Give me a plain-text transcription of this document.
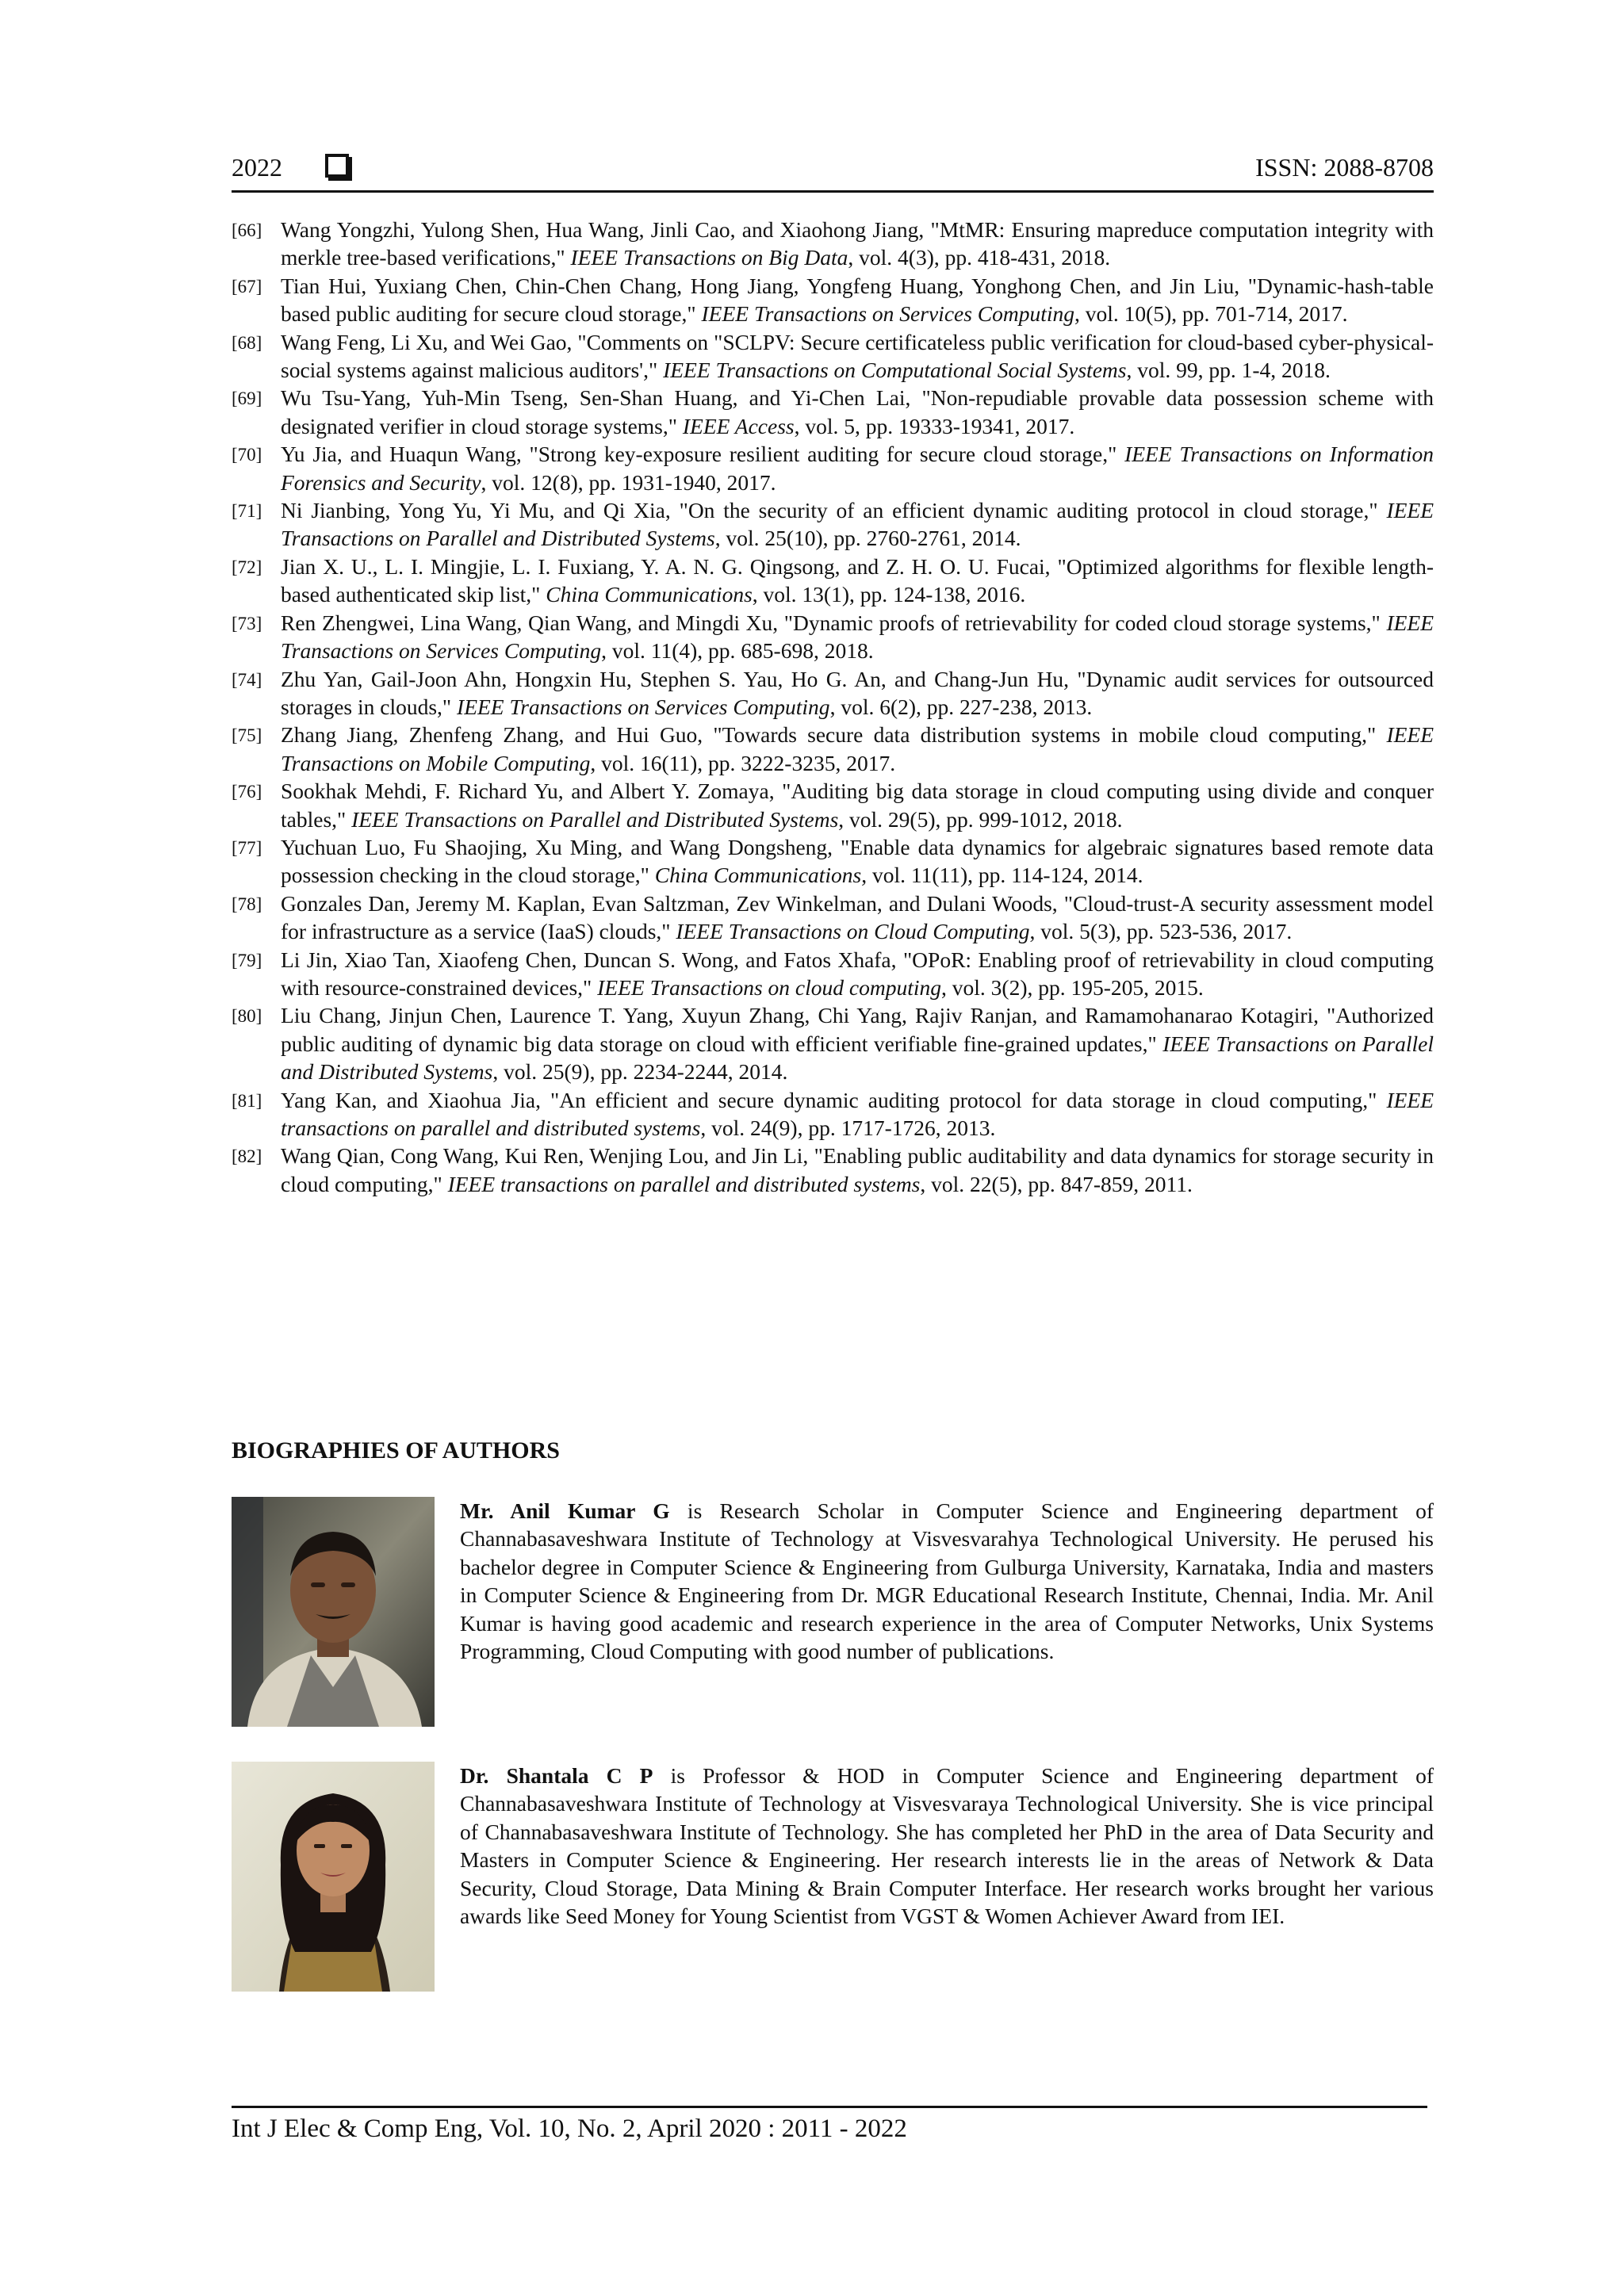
2022	ISSN: 2088-8708
[66] Wang Yongzhi, Yulong Shen, Hua Wang, Jinli Cao, and Xiaohong Jiang, "MtMR: Ensuring mapreduce computation integrity with merkle tree-based verifications," IEEE Transactions on Big Data, vol. 4(3), pp. 418-431, 2018.
[67] Tian Hui, Yuxiang Chen, Chin-Chen Chang, Hong Jiang, Yongfeng Huang, Yonghong Chen, and Jin Liu, "Dynamic-hash-table based public auditing for secure cloud storage," IEEE Transactions on Services Computing, vol. 10(5), pp. 701-714, 2017.
[68] Wang Feng, Li Xu, and Wei Gao, "Comments on "SCLPV: Secure certificateless public verification for cloud-based cyber-physical-social systems against malicious auditors'," IEEE Transactions on Computational Social Systems, vol. 99, pp. 1-4, 2018.
[69] Wu Tsu-Yang, Yuh-Min Tseng, Sen-Shan Huang, and Yi-Chen Lai, "Non-repudiable provable data possession scheme with designated verifier in cloud storage systems," IEEE Access, vol. 5, pp. 19333-19341, 2017.
[70] Yu Jia, and Huaqun Wang, "Strong key-exposure resilient auditing for secure cloud storage," IEEE Transactions on Information Forensics and Security, vol. 12(8), pp. 1931-1940, 2017.
[71] Ni Jianbing, Yong Yu, Yi Mu, and Qi Xia, "On the security of an efficient dynamic auditing protocol in cloud storage," IEEE Transactions on Parallel and Distributed Systems, vol. 25(10), pp. 2760-2761, 2014.
[72] Jian X. U., L. I. Mingjie, L. I. Fuxiang, Y. A. N. G. Qingsong, and Z. H. O. U. Fucai, "Optimized algorithms for flexible length-based authenticated skip list," China Communications, vol. 13(1), pp. 124-138, 2016.
[73] Ren Zhengwei, Lina Wang, Qian Wang, and Mingdi Xu, "Dynamic proofs of retrievability for coded cloud storage systems," IEEE Transactions on Services Computing, vol. 11(4), pp. 685-698, 2018.
[74] Zhu Yan, Gail-Joon Ahn, Hongxin Hu, Stephen S. Yau, Ho G. An, and Chang-Jun Hu, "Dynamic audit services for outsourced storages in clouds," IEEE Transactions on Services Computing, vol. 6(2), pp. 227-238, 2013.
[75] Zhang Jiang, Zhenfeng Zhang, and Hui Guo, "Towards secure data distribution systems in mobile cloud computing," IEEE Transactions on Mobile Computing, vol. 16(11), pp. 3222-3235, 2017.
[76] Sookhak Mehdi, F. Richard Yu, and Albert Y. Zomaya, "Auditing big data storage in cloud computing using divide and conquer tables," IEEE Transactions on Parallel and Distributed Systems, vol. 29(5), pp. 999-1012, 2018.
[77] Yuchuan Luo, Fu Shaojing, Xu Ming, and Wang Dongsheng, "Enable data dynamics for algebraic signatures based remote data possession checking in the cloud storage," China Communications, vol. 11(11), pp. 114-124, 2014.
[78] Gonzales Dan, Jeremy M. Kaplan, Evan Saltzman, Zev Winkelman, and Dulani Woods, "Cloud-trust-A security assessment model for infrastructure as a service (IaaS) clouds," IEEE Transactions on Cloud Computing, vol. 5(3), pp. 523-536, 2017.
[79] Li Jin, Xiao Tan, Xiaofeng Chen, Duncan S. Wong, and Fatos Xhafa, "OPoR: Enabling proof of retrievability in cloud computing with resource-constrained devices," IEEE Transactions on cloud computing, vol. 3(2), pp. 195-205, 2015.
[80] Liu Chang, Jinjun Chen, Laurence T. Yang, Xuyun Zhang, Chi Yang, Rajiv Ranjan, and Ramamohanarao Kotagiri, "Authorized public auditing of dynamic big data storage on cloud with efficient verifiable fine-grained updates," IEEE Transactions on Parallel and Distributed Systems, vol. 25(9), pp. 2234-2244, 2014.
[81] Yang Kan, and Xiaohua Jia, "An efficient and secure dynamic auditing protocol for data storage in cloud computing," IEEE transactions on parallel and distributed systems, vol. 24(9), pp. 1717-1726, 2013.
[82] Wang Qian, Cong Wang, Kui Ren, Wenjing Lou, and Jin Li, "Enabling public auditability and data dynamics for storage security in cloud computing," IEEE transactions on parallel and distributed systems, vol. 22(5), pp. 847-859, 2011.
BIOGRAPHIES OF AUTHORS
Mr. Anil Kumar G is Research Scholar in Computer Science and Engineering department of Channabasaveshwara Institute of Technology at Visvesvarahya Technological University. He perused his bachelor degree in Computer Science & Engineering from Gulburga University, Karnataka, India and masters in Computer Science & Engineering from Dr. MGR Educational Research Institute, Chennai, India. Mr. Anil Kumar is having good academic and research experience in the area of Computer Networks, Unix Systems Programming, Cloud Computing with good number of publications.
Dr. Shantala C P is Professor & HOD in Computer Science and Engineering department of Channabasaveshwara Institute of Technology at Visvesvaraya Technological University. She is vice principal of Channabasaveshwara Institute of Technology. She has completed her PhD in the area of Data Security and Masters in Computer Science & Engineering. Her research interests lie in the areas of Network & Data Security, Cloud Storage, Data Mining & Brain Computer Interface. Her research works brought her various awards like Seed Money for Young Scientist from VGST & Women Achiever Award from IEI.
Int J Elec & Comp Eng, Vol. 10, No. 2, April 2020 : 2011 - 2022
